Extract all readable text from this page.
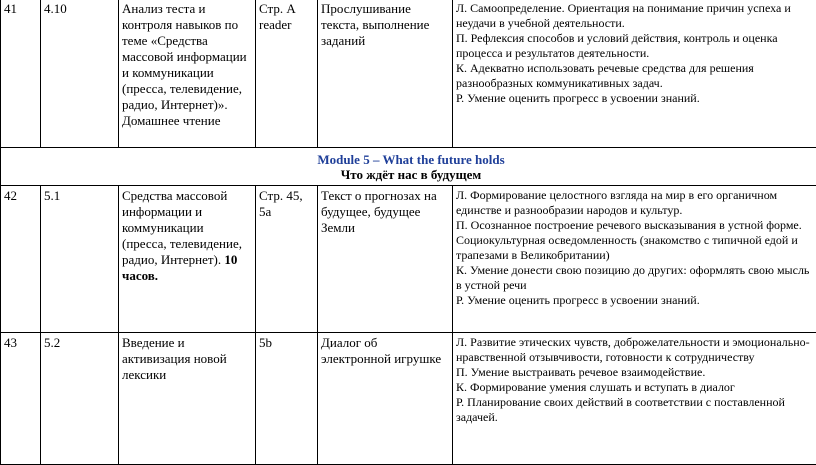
41	4.10	Анализ теста и контроля навыков по теме «Средства массовой информации и коммуникации (пресса, телевидение, радио, Интернет)». Домашнее чтение	Стр. A reader	Прослушивание текста, выполнение заданий	Л. Самоопределение. Ориентация на понимание причин успеха и неудачи в учебной деятельности.
П. Рефлексия способов и условий действия, контроль и оценка процесса и результатов деятельности.
К. Адекватно использовать речевые средства для решения разнообразных коммуникативных задач.
Р. Умение оценить прогресс в усвоении знаний.

Module 5 – What the future holds
Что ждёт нас в будущем					

42	5.1	Средства массовой информации и коммуникации (пресса, телевидение, радио, Интернет). 10 часов.	Стр. 45, 5a	Текст о прогнозах на будущее, будущее Земли	Л. Формирование целостного взгляда на мир в его органичном единстве и разнообразии народов и культур.
П. Осознанное построение речевого высказывания в устной форме. Социокультурная осведомленность (знакомство с типичной едой и трапезами в Великобритании)
К. Умение донести свою позицию до других: оформлять свою мысль в устной речи
Р. Умение оценить прогресс в усвоении знаний.

43	5.2	Введение и активизация новой лексики	5b	Диалог об электронной игрушке	Л. Развитие этических чувств, доброжелательности и эмоционально-нравственной отзывчивости, готовности к сотрудничеству
П. Умение выстраивать речевое взаимодействие.
К. Формирование умения слушать и вступать в диалог
Р. Планирование своих действий в соответствии с поставленной задачей.
